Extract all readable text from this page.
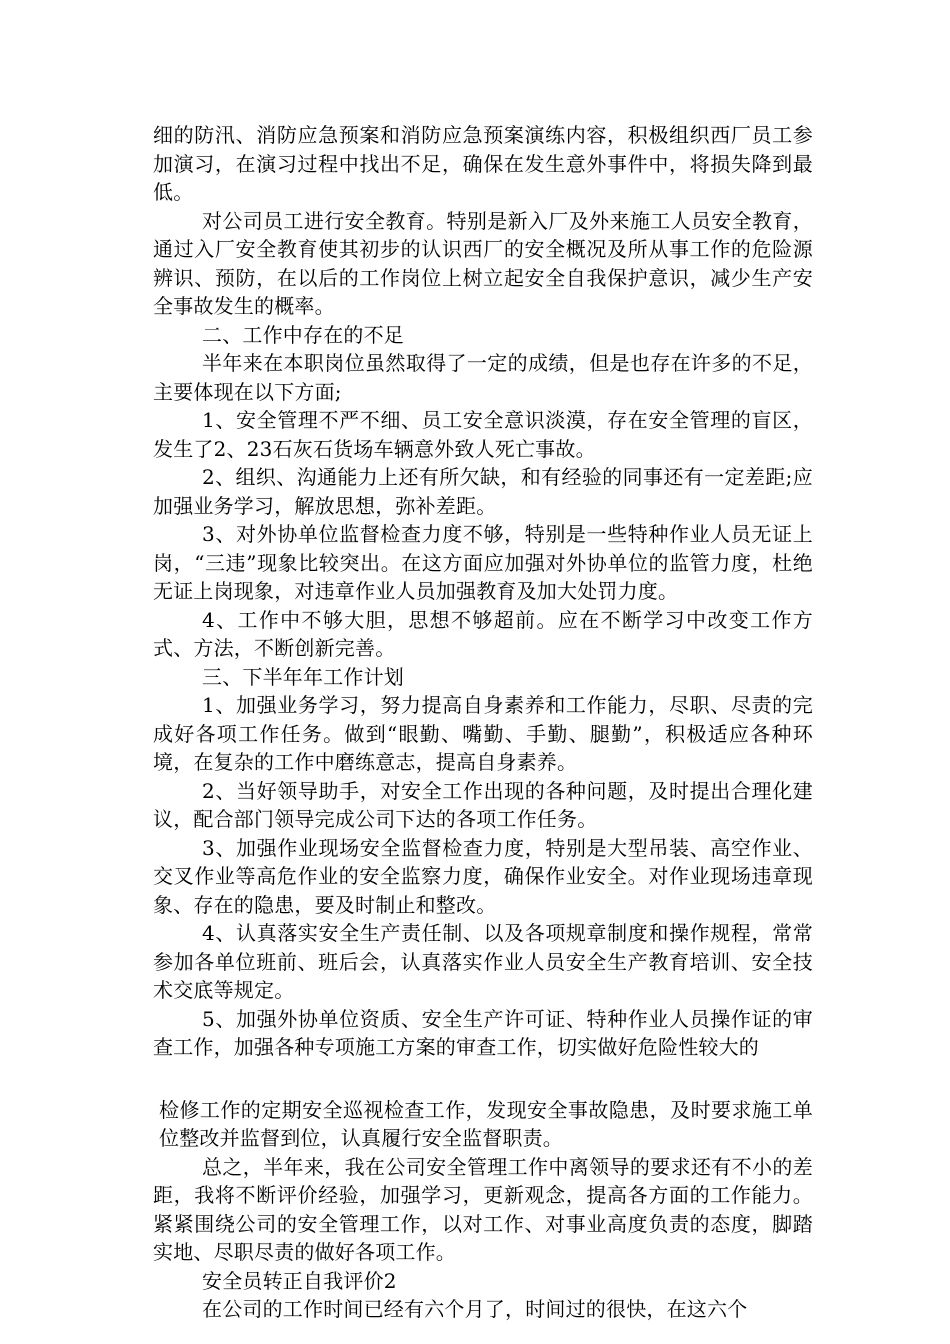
细的防汛、消防应急预案和消防应急预案演练内容，积极组织西厂员工参加演习，在演习过程中找出不足，确保在发生意外事件中，将损失降到最低。

对公司员工进行安全教育。特别是新入厂及外来施工人员安全教育，通过入厂安全教育使其初步的认识西厂的安全概况及所从事工作的危险源辨识、预防，在以后的工作岗位上树立起安全自我保护意识，减少生产安全事故发生的概率。

二、工作中存在的不足

半年来在本职岗位虽然取得了一定的成绩，但是也存在许多的不足，主要体现在以下方面;

1、安全管理不严不细、员工安全意识淡漠，存在安全管理的盲区，发生了2、23石灰石货场车辆意外致人死亡事故。

2、组织、沟通能力上还有所欠缺，和有经验的同事还有一定差距;应加强业务学习，解放思想，弥补差距。

3、对外协单位监督检查力度不够，特别是一些特种作业人员无证上岗，“三违”现象比较突出。在这方面应加强对外协单位的监管力度，杜绝无证上岗现象，对违章作业人员加强教育及加大处罚力度。

4、工作中不够大胆，思想不够超前。应在不断学习中改变工作方式、方法，不断创新完善。

三、下半年年工作计划

1、加强业务学习，努力提高自身素养和工作能力，尽职、尽责的完成好各项工作任务。做到“眼勤、嘴勤、手勤、腿勤”，积极适应各种环境，在复杂的工作中磨练意志，提高自身素养。

2、当好领导助手，对安全工作出现的各种问题，及时提出合理化建议，配合部门领导完成公司下达的各项工作任务。

3、加强作业现场安全监督检查力度，特别是大型吊装、高空作业、交叉作业等高危作业的安全监察力度，确保作业安全。对作业现场违章现象、存在的隐患，要及时制止和整改。

4、认真落实安全生产责任制、以及各项规章制度和操作规程，常常参加各单位班前、班后会，认真落实作业人员安全生产教育培训、安全技术交底等规定。

5、加强外协单位资质、安全生产许可证、特种作业人员操作证的审查工作，加强各种专项施工方案的审查工作，切实做好危险性较大的

检修工作的定期安全巡视检查工作，发现安全事故隐患，及时要求施工单位整改并监督到位，认真履行安全监督职责。

总之，半年来，我在公司安全管理工作中离领导的要求还有不小的差距，我将不断评价经验，加强学习，更新观念，提高各方面的工作能力。紧紧围绕公司的安全管理工作，以对工作、对事业高度负责的态度，脚踏实地、尽职尽责的做好各项工作。

安全员转正自我评价2

在公司的工作时间已经有六个月了，时间过的很快，在这六个
